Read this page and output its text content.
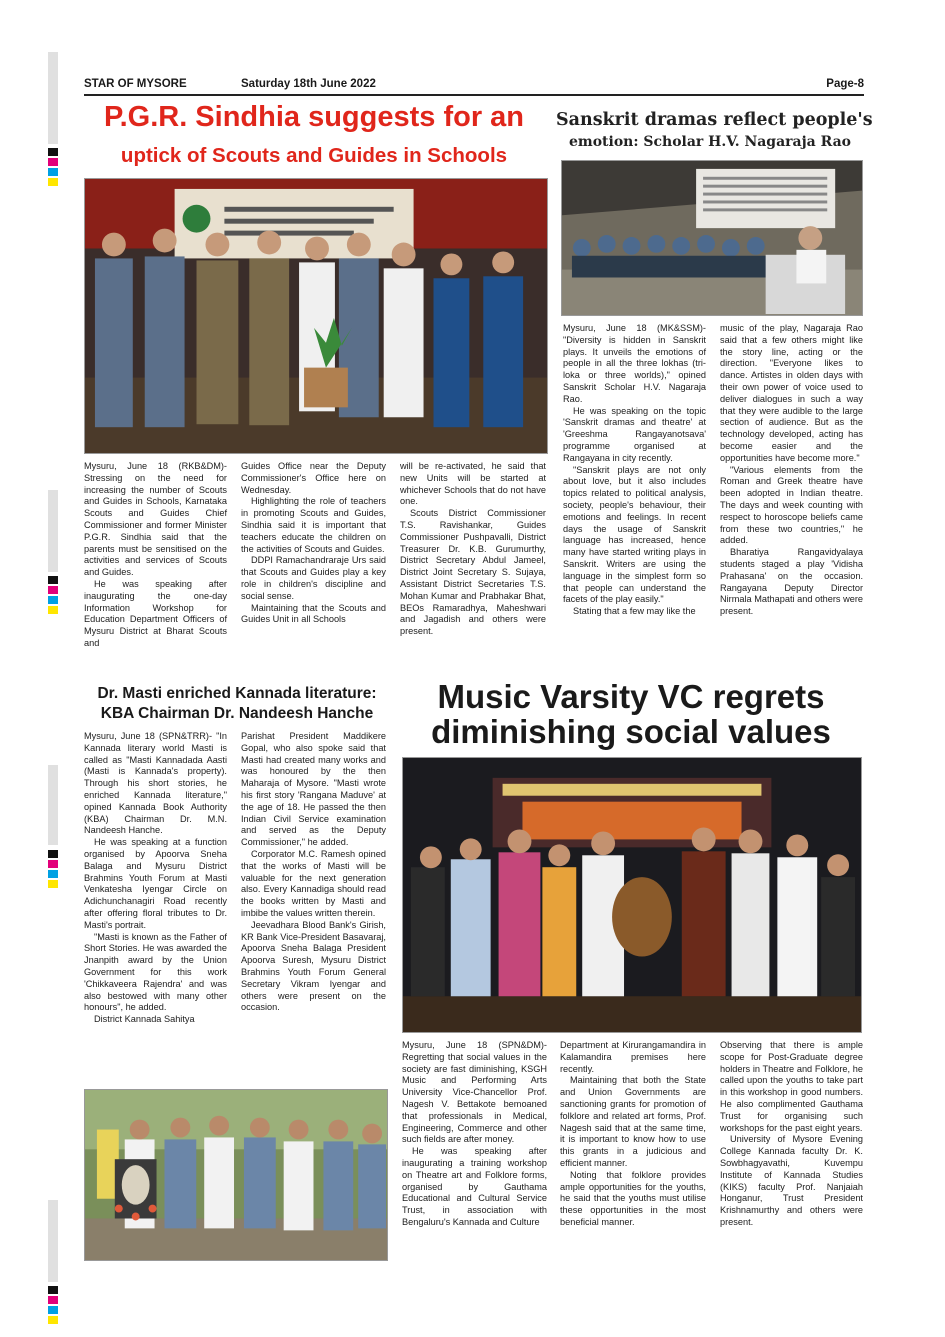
STAR OF MYSORE	Saturday 18th June 2022	Page-8
P.G.R. Sindhia suggests for an
uptick of Scouts and Guides in Schools

Mysuru, June 18 (RKB&DM)- Stressing on the need for increasing the number of Scouts and Guides in Schools, Karnataka Scouts and Guides Chief Commissioner and former Minister P.G.R. Sindhia said that the parents must be sensitised on the activities and services of Scouts and Guides.

He was speaking after inaugurating the one-day Information Workshop for Education Department Officers of Mysuru District at Bharat Scouts and

Guides Office near the Deputy Commissioner's Office here on Wednesday.

Highlighting the role of teachers in promoting Scouts and Guides, Sindhia said it is important that teachers educate the children on the activities of Scouts and Guides.

DDPI Ramachandraraje Urs said that Scouts and Guides play a key role in children's discipline and social sense.

Maintaining that the Scouts and Guides Unit in all Schools

will be re-activated, he said that new Units will be started at whichever Schools that do not have one.

Scouts District Commissioner T.S. Ravishankar, Guides Commissioner Pushpavalli, District Treasurer Dr. K.B. Gurumurthy, District Secretary Abdul Jameel, District Joint Secretary S. Sujaya, Assistant District Secretaries T.S. Mohan Kumar and Prabhakar Bhat, BEOs Ramaradhya, Maheshwari and Jagadish and others were present.

Sanskrit dramas reflect people's
emotion: Scholar H.V. Nagaraja Rao

Mysuru, June 18 (MK&SSM)- "Diversity is hidden in Sanskrit plays. It unveils the emotions of people in all the three lokhas (tri-loka or three worlds)," opined Sanskrit Scholar H.V. Nagaraja Rao.

He was speaking on the topic 'Sanskrit dramas and theatre' at 'Greeshma Rangayanotsava' programme organised at Rangayana in city recently.

"Sanskrit plays are not only about love, but it also includes topics related to political analysis, society, people's behaviour, their emotions and feelings. In recent days the usage of Sanskrit language has increased, hence many have started writing plays in Sanskrit. Writers are using the language in the simplest form so that people can understand the facets of the play easily."

Stating that a few may like the

music of the play, Nagaraja Rao said that a few others might like the story line, acting or the direction. "Everyone likes to dance. Artistes in olden days with their own power of voice used to deliver dialogues in such a way that they were audible to the large section of audience. But as the technology developed, acting has become easier and the opportunities have become more."

"Various elements from the Roman and Greek theatre have been adopted in Indian theatre. The days and week counting with respect to horoscope beliefs came from these two countries," he added.

Bharatiya Rangavidyalaya students staged a play 'Vidisha Prahasana' on the occasion. Rangayana Deputy Director Nirmala Mathapati and others were present.

Dr. Masti enriched Kannada literature:
KBA Chairman Dr. Nandeesh Hanche

Mysuru, June 18 (SPN&TRR)- "In Kannada literary world Masti is called as "Masti Kannadada Aasti (Masti is Kannada's property). Through his short stories, he enriched Kannada literature," opined Kannada Book Authority (KBA) Chairman Dr. M.N. Nandeesh Hanche.

He was speaking at a function organised by Apoorva Sneha Balaga and Mysuru District Brahmins Youth Forum at Masti Venkatesha Iyengar Circle on Adichunchanagiri Road recently after offering floral tributes to Dr. Masti's portrait.

"Masti is known as the Father of Short Stories. He was awarded the Jnanpith award by the Union Government for this work 'Chikkaveera Rajendra' and was also bestowed with many other honours", he added.

District Kannada Sahitya

Parishat President Maddikere Gopal, who also spoke said that Masti had created many works and was honoured by the then Maharaja of Mysore. "Masti wrote his first story 'Rangana Maduve' at the age of 18. He passed the then Indian Civil Service examination and served as the Deputy Commissioner," he added.

Corporator M.C. Ramesh opined that the works of Masti will be valuable for the next generation also. Every Kannadiga should read the books written by Masti and imbibe the values written therein.

Jeevadhara Blood Bank's Girish, KR Bank Vice-President Basavaraj, Apoorva Sneha Balaga President Apoorva Suresh, Mysuru District Brahmins Youth Forum General Secretary Vikram Iyengar and others were present on the occasion.

Music Varsity VC regrets
diminishing social values

Mysuru, June 18 (SPN&DM)- Regretting that social values in the society are fast diminishing, KSGH Music and Performing Arts University Vice-Chancellor Prof. Nagesh V. Bettakote bemoaned that professionals in Medical, Engineering, Commerce and other such fields are after money.

He was speaking after inaugurating a training workshop on Theatre art and Folklore forms, organised by Gauthama Educational and Cultural Service Trust, in association with Bengaluru's Kannada and Culture

Department at Kirurangamandira in Kalamandira premises here recently.

Maintaining that both the State and Union Governments are sanctioning grants for promotion of folklore and related art forms, Prof. Nagesh said that at the same time, it is important to know how to use this grants in a judicious and efficient manner.

Noting that folklore provides ample opportunities for the youths, he said that the youths must utilise these opportunities in the most beneficial manner.

Observing that there is ample scope for Post-Graduate degree holders in Theatre and Folklore, he called upon the youths to take part in this workshop in good numbers. He also complimented Gauthama Trust for organising such workshops for the past eight years.

University of Mysore Evening College Kannada faculty Dr. K. Sowbhagyavathi, Kuvempu Institute of Kannada Studies (KIKS) faculty Prof. Nanjaiah Honganur, Trust President Krishnamurthy and others were present.
